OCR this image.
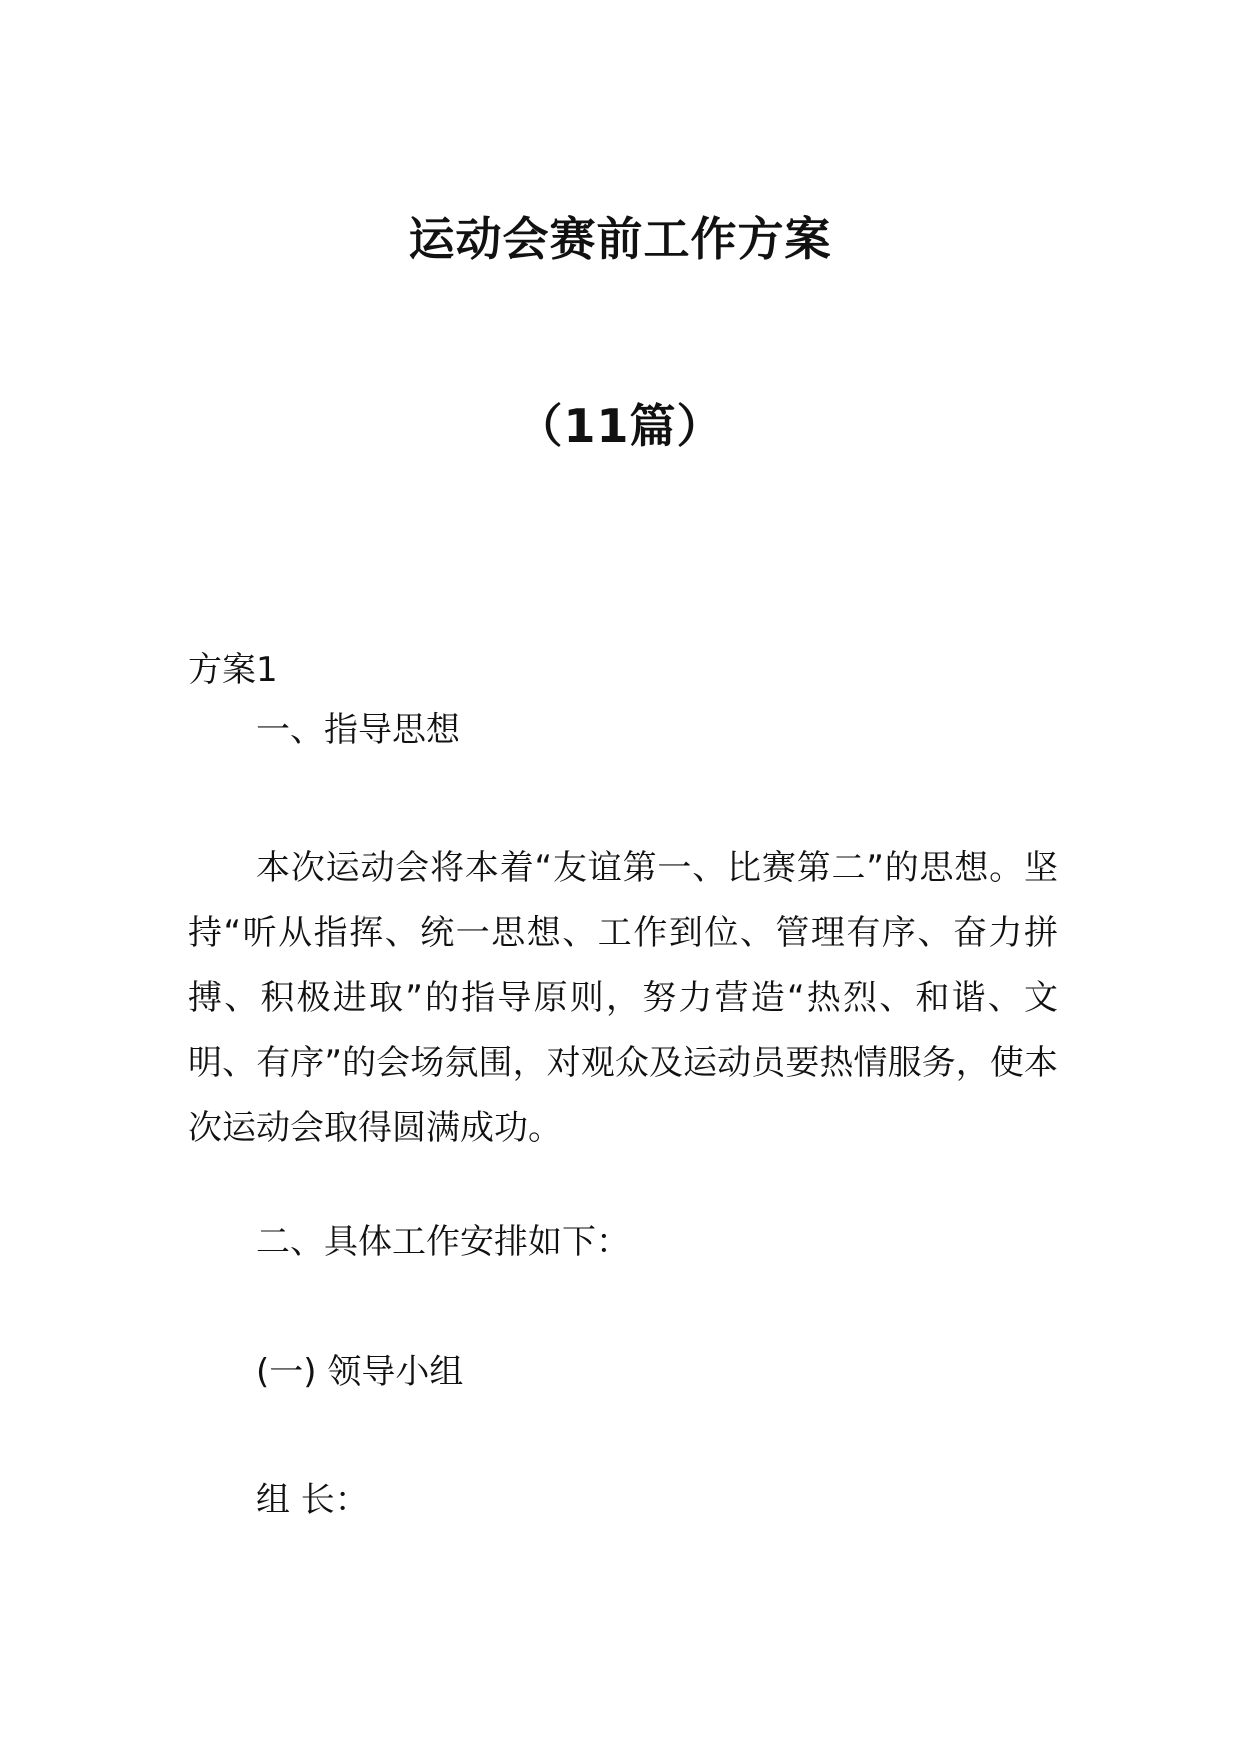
运动会赛前工作方案
（11篇）
方案1
一、指导思想
本次运动会将本着“友谊第一、比赛第二”的思想。坚持“听从指挥、统一思想、工作到位、管理有序、奋力拼搏、积极进取”的指导原则，努力营造“热烈、和谐、文明、有序”的会场氛围，对观众及运动员要热情服务，使本次运动会取得圆满成功。
二、具体工作安排如下：
(一) 领导小组
组 长：
